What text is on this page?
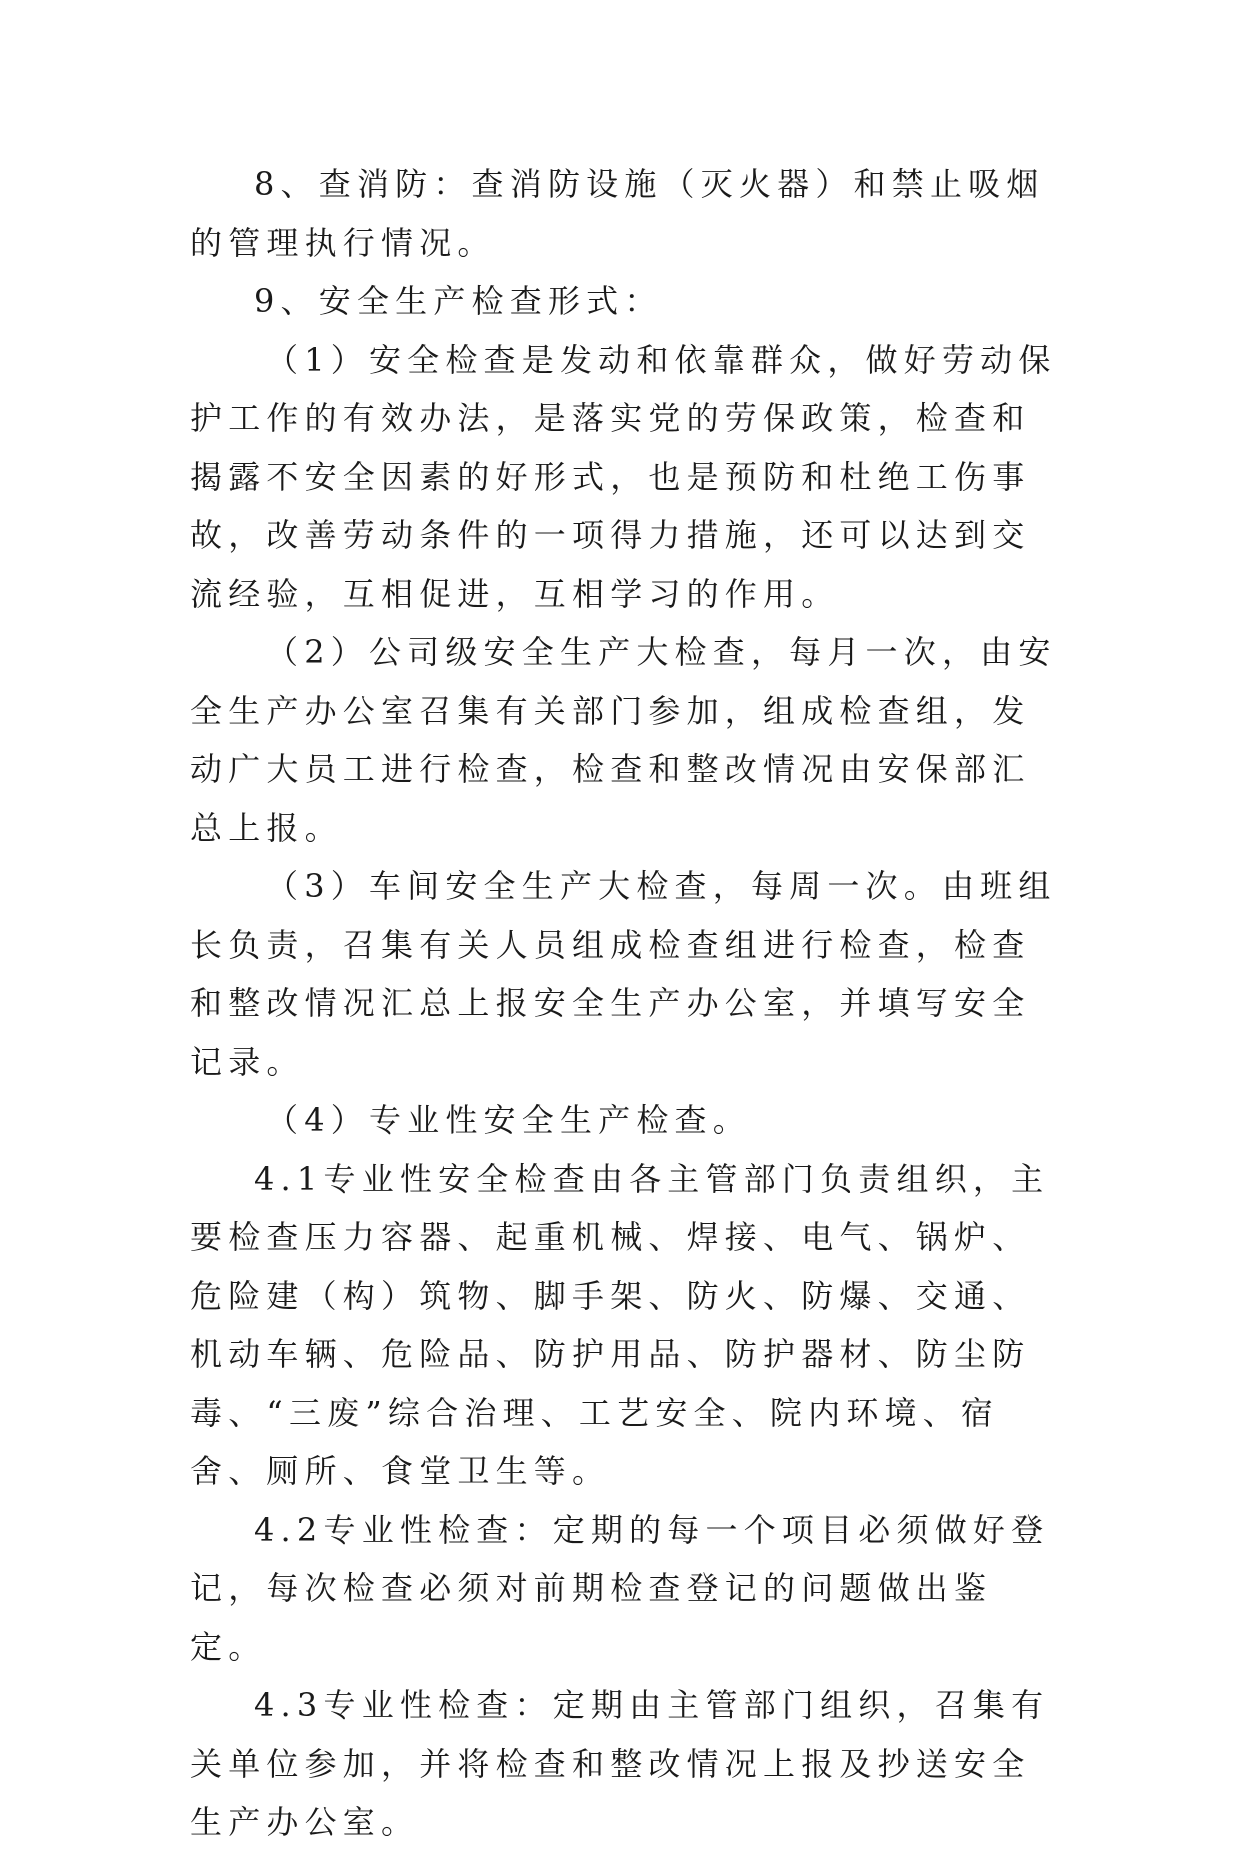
8、查消防：查消防设施（灭火器）和禁止吸烟的管理执行情况。

9、安全生产检查形式：

（1）安全检查是发动和依靠群众，做好劳动保护工作的有效办法，是落实党的劳保政策，检查和揭露不安全因素的好形式，也是预防和杜绝工伤事故，改善劳动条件的一项得力措施，还可以达到交流经验，互相促进，互相学习的作用。

（2）公司级安全生产大检查，每月一次，由安全生产办公室召集有关部门参加，组成检查组，发动广大员工进行检查，检查和整改情况由安保部汇总上报。

（3）车间安全生产大检查，每周一次。由班组长负责，召集有关人员组成检查组进行检查，检查和整改情况汇总上报安全生产办公室，并填写安全记录。

（4）专业性安全生产检查。

4.1专业性安全检查由各主管部门负责组织，主要检查压力容器、起重机械、焊接、电气、锅炉、危险建（构）筑物、脚手架、防火、防爆、交通、机动车辆、危险品、防护用品、防护器材、防尘防毒、“三废”综合治理、工艺安全、院内环境、宿舍、厕所、食堂卫生等。

4.2专业性检查：定期的每一个项目必须做好登记，每次检查必须对前期检查登记的问题做出鉴定。

4.3专业性检查：定期由主管部门组织，召集有关单位参加，并将检查和整改情况上报及抄送安全生产办公室。
